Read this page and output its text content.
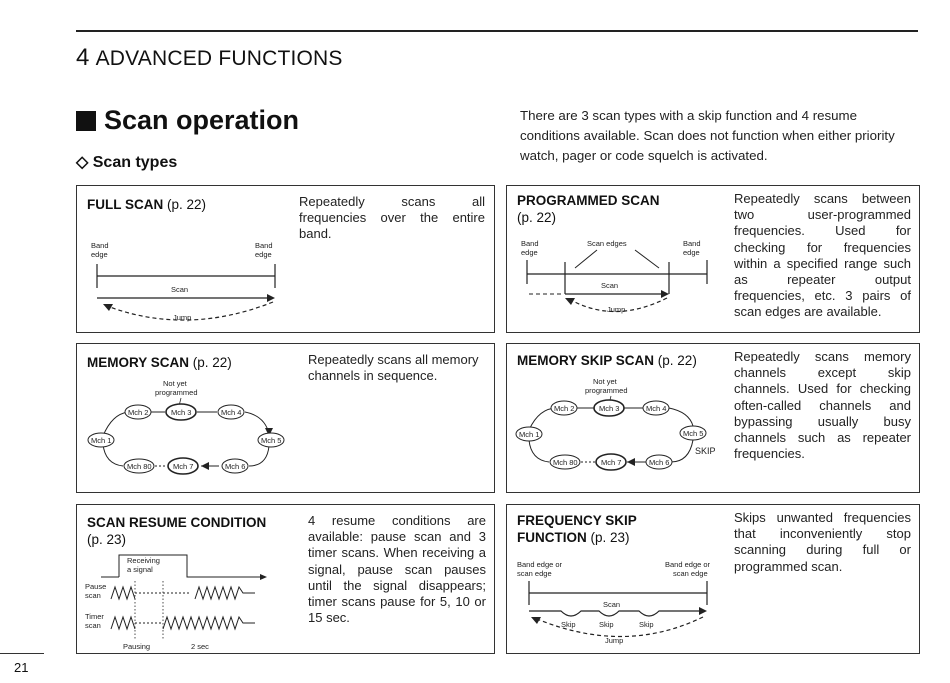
4 ADVANCED FUNCTIONS
Scan operation
◇ Scan types
There are 3 scan types with a skip function and 4 resume conditions available. Scan does not function when either priority watch, pager or code squelch is activated.
FULL SCAN (p. 22)	Repeatedly scans all frequencies over the entire band.
Band
edge
Band
edge
Scan
Jump
PROGRAMMED SCAN
(p. 22)
Repeatedly scans between two user-programmed frequencies. Used for checking for frequencies within a specified range such as repeater output frequencies, etc. 3 pairs of scan edges are available.
Band
edge
Scan edges	Band
edge
Scan
Jump
MEMORY SCAN (p. 22)	Repeatedly scans all memory channels in sequence.
Not yet
programmed
Mch 1
Mch 2	Mch 3	Mch 4
Mch 5
Mch 6
Mch 7
Mch 80
MEMORY SKIP SCAN (p. 22)	Repeatedly scans memory channels except skip channels. Used for checking often-called channels and bypassing usually busy channels such as repeater frequencies.
Not yet
programmed
Mch 1
Mch 2	Mch 3	Mch 4
Mch 5
SKIP
Mch 6
Mch 7
Mch 80
SCAN RESUME CONDITION
(p. 23)
4 resume conditions are available: pause scan and 3 timer scans. When receiving a signal, pause scan pauses until the signal disappears; timer scans pause for 5, 10 or 15 sec.
Receiving
a signal
Pause
scan
Timer
scan
Pausing	2 sec
FREQUENCY SKIP
FUNCTION (p. 23)
Skips unwanted frequencies that inconveniently stop scanning during full or programmed scan.
Band edge or
scan edge
Band edge or
scan edge
Scan
Skip	Skip	Skip
Jump
21
